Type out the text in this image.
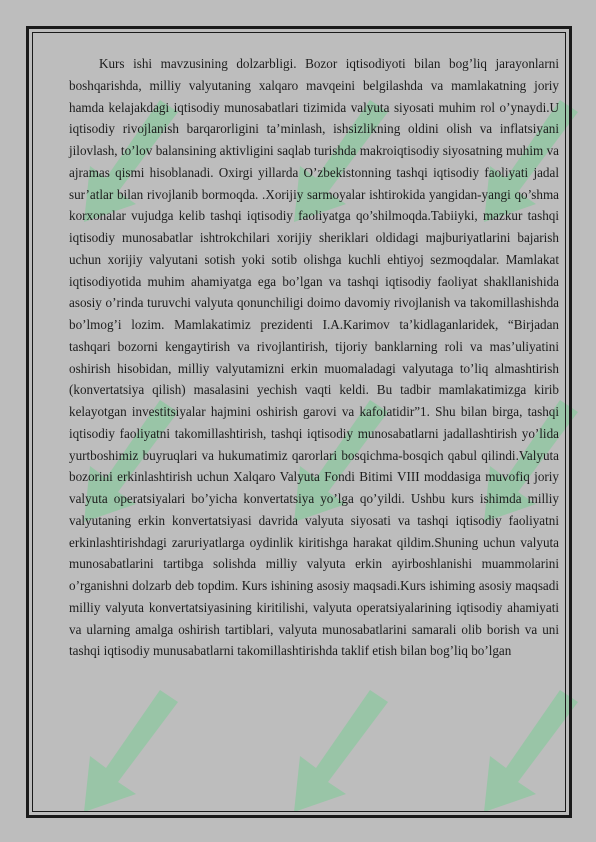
Kurs ishi mavzusining dolzarbligi. Bozor iqtisodiyoti bilan bog’liq jarayonlarni boshqarishda, milliy valyutaning xalqaro mavqeini belgilashda va mamlakatning joriy hamda kelajakdagi iqtisodiy munosabatlari tizimida valyuta siyosati muhim rol o’ynaydi.U iqtisodiy rivojlanish barqarorligini ta’minlash, ishsizlikning oldini olish va inflatsiyani jilovlash, to’lov balansining aktivligini saqlab turishda makroiqtisodiy siyosatning muhim va ajramas qismi hisoblanadi. Oxirgi yillarda O’zbekistonning tashqi iqtisodiy faoliyati jadal sur’atlar bilan rivojlanib bormoqda. .Xorijiy sarmoyalar ishtirokida yangidan-yangi qo’shma korxonalar vujudga kelib tashqi iqtisodiy faoliyatga qo’shilmoqda.Tabiiyki, mazkur tashqi iqtisodiy munosabatlar ishtrokchilari xorijiy sheriklari oldidagi majburiyatlarini bajarish uchun xorijiy valyutani sotish yoki sotib olishga kuchli ehtiyoj sezmoqdalar. Mamlakat iqtisodiyotida muhim ahamiyatga ega bo’lgan va tashqi iqtisodiy faoliyat shakllanishida asosiy o’rinda turuvchi valyuta qonunchiligi doimo davomiy rivojlanish va takomillashishda bo’lmog’i lozim. Mamlakatimiz prezidenti I.A.Karimov ta’kidlaganlaridek, “Birjadan tashqari bozorni kengaytirish va rivojlantirish, tijoriy banklarning roli va mas’uliyatini oshirish hisobidan, milliy valyutamizni erkin muomaladagi valyutaga to’liq almashtirish (konvertatsiya qilish) masalasini yechish vaqti keldi. Bu tadbir mamlakatimizga kirib kelayotgan investitsiyalar hajmini oshirish garovi va kafolatidir”1. Shu bilan birga, tashqi iqtisodiy faoliyatni takomillashtirish, tashqi iqtisodiy munosabatlarni jadallashtirish yo’lida yurtboshimiz buyruqlari va hukumatimiz qarorlari bosqichma-bosqich qabul qilindi.Valyuta bozorini erkinlashtirish uchun Xalqaro Valyuta Fondi Bitimi VIII moddasiga muvofiq joriy valyuta operatsiyalari bo’yicha konvertatsiya yo’lga qo’yildi. Ushbu kurs ishimda milliy valyutaning erkin konvertatsiyasi davrida valyuta siyosati va tashqi iqtisodiy faoliyatni erkinlashtirishdagi zaruriyatlarga oydinlik kiritishga harakat qildim.Shuning uchun valyuta munosabatlarini tartibga solishda milliy valyuta erkin ayirboshlanishi muammolarini o’rganishni dolzarb deb topdim. Kurs ishining asosiy maqsadi.Kurs ishiming asosiy maqsadi milliy valyuta konvertatsiyasining kiritilishi, valyuta operatsiyalarining iqtisodiy ahamiyati va ularning amalga oshirish tartiblari, valyuta munosabatlarini samarali olib borish va uni tashqi iqtisodiy munusabatlarni takomillashtirishda taklif etish bilan bog’liq bo’lgan
